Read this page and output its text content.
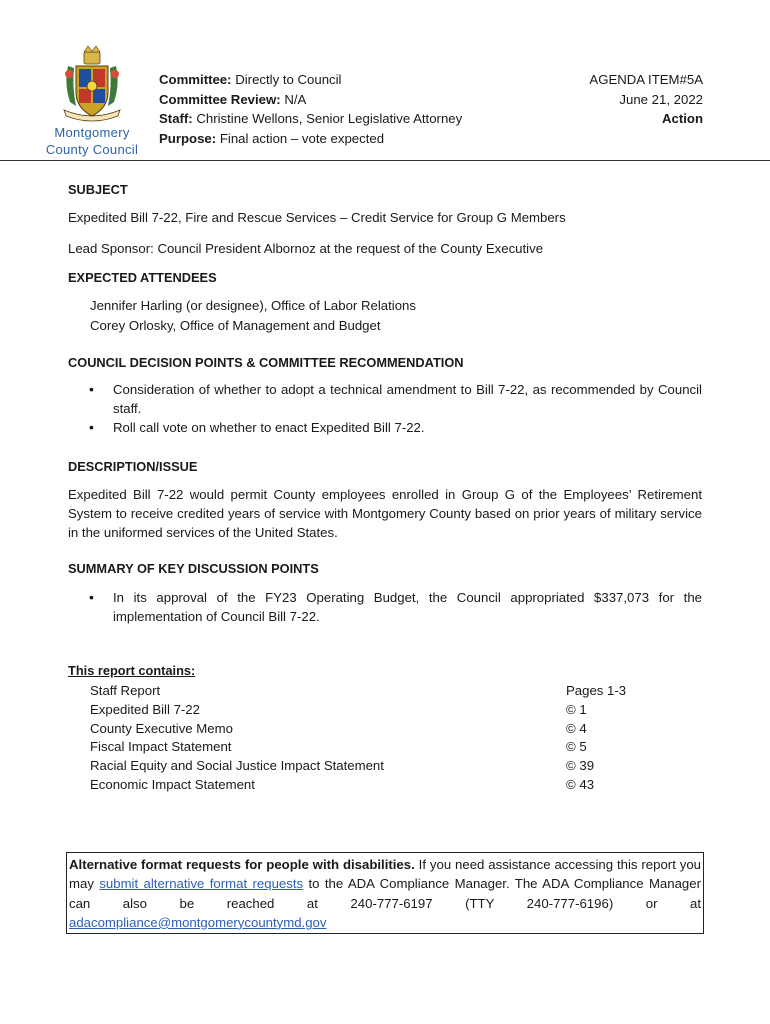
Montgomery
County Council
Committee: Directly to Council
Committee Review: N/A
Staff: Christine Wellons, Senior Legislative Attorney
Purpose: Final action – vote expected
AGENDA ITEM#5A
June 21, 2022
Action
SUBJECT
Expedited Bill 7-22, Fire and Rescue Services – Credit Service for Group G Members
Lead Sponsor: Council President Albornoz at the request of the County Executive
EXPECTED ATTENDEES
Jennifer Harling (or designee), Office of Labor Relations
Corey Orlosky, Office of Management and Budget
COUNCIL DECISION POINTS & COMMITTEE RECOMMENDATION
• Consideration of whether to adopt a technical amendment to Bill 7-22, as recommended by Council staff.
• Roll call vote on whether to enact Expedited Bill 7-22.
DESCRIPTION/ISSUE
Expedited Bill 7-22 would permit County employees enrolled in Group G of the Employees’ Retirement System to receive credited years of service with Montgomery County based on prior years of military service in the uniformed services of the United States.
SUMMARY OF KEY DISCUSSION POINTS
• In its approval of the FY23 Operating Budget, the Council appropriated $337,073 for the implementation of Council Bill 7-22.
This report contains:
Staff Report	Pages 1-3
Expedited Bill 7-22	© 1
County Executive Memo	© 4
Fiscal Impact Statement	© 5
Racial Equity and Social Justice Impact Statement	© 39
Economic Impact Statement	© 43
Alternative format requests for people with disabilities. If you need assistance accessing this report you may submit alternative format requests to the ADA Compliance Manager. The ADA Compliance Manager can also be reached at 240-777-6197 (TTY 240-777-6196) or at adacompliance@montgomerycountymd.gov
